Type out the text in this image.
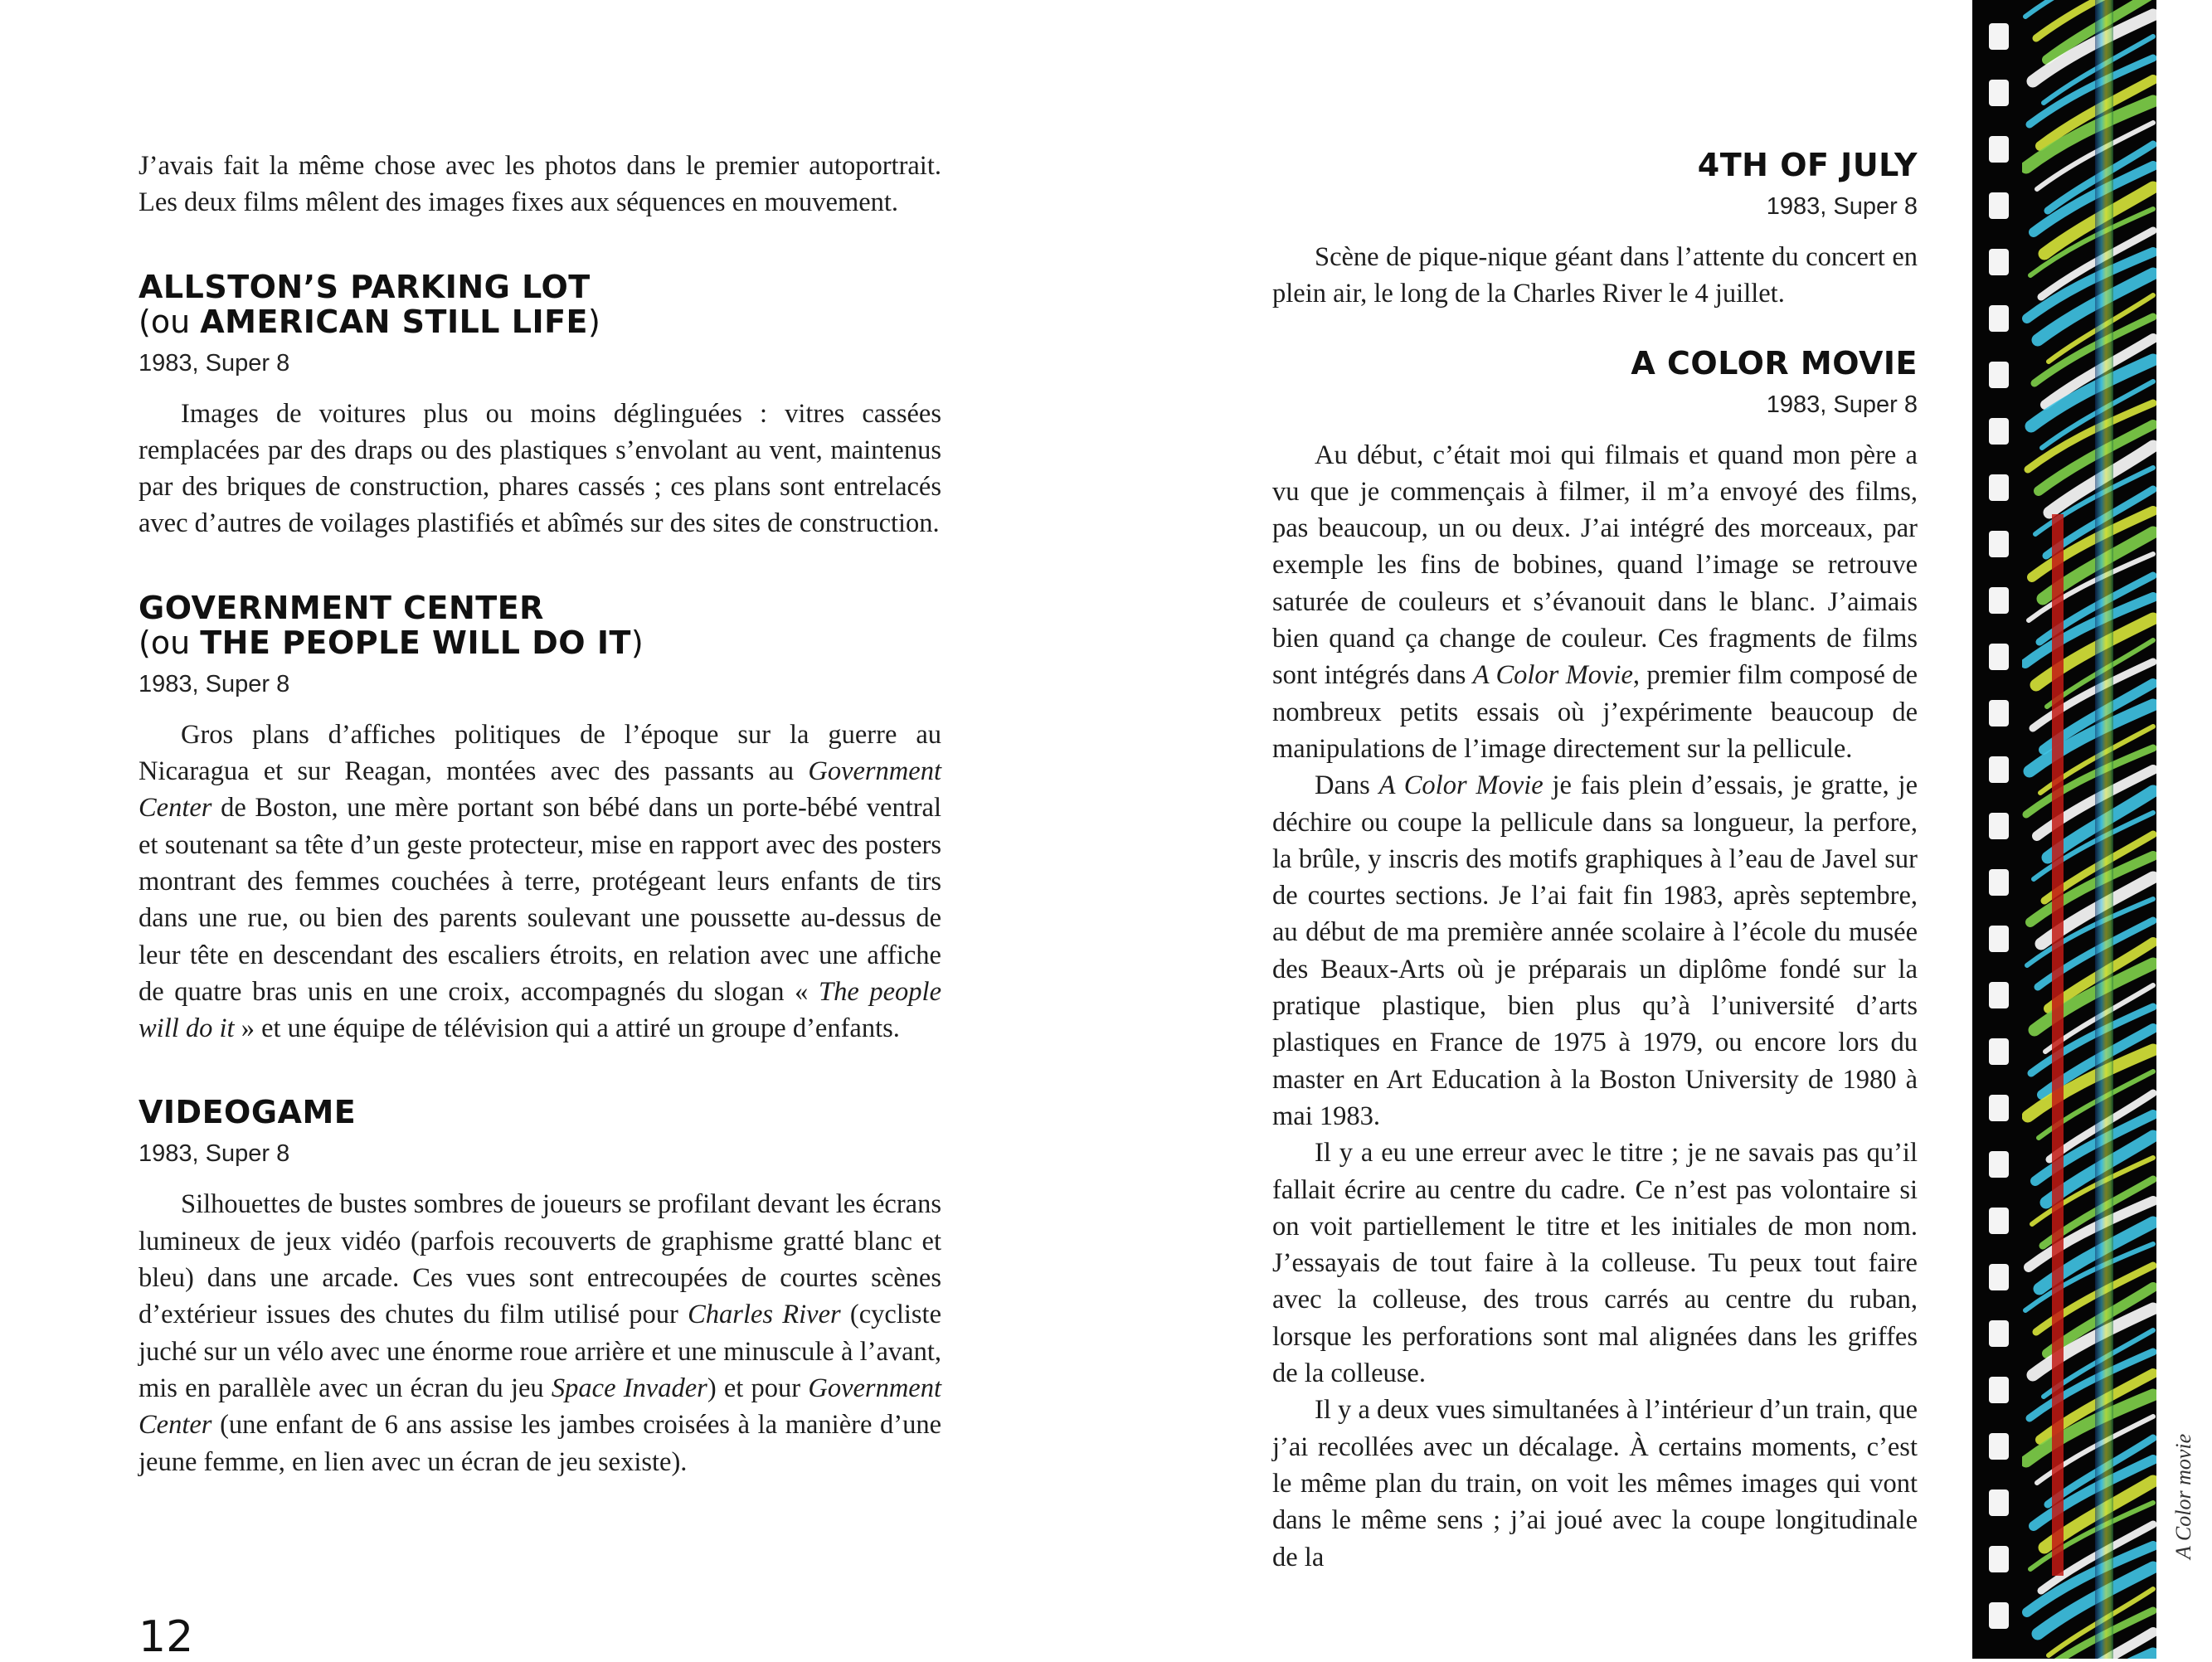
J’avais fait la même chose avec les photos dans le premier autoportrait. Les deux films mêlent des images fixes aux séquences en mouvement.

ALLSTON’S PARKING LOT

(ou AMERICAN STILL LIFE)

1983, Super 8

Images de voitures plus ou moins déglinguées : vitres cassées remplacées par des draps ou des plastiques s’envolant au vent, maintenus par des briques de construction, phares cassés ; ces plans sont entrelacés avec d’autres de voilages plastifiés et abîmés sur des sites de construction.

GOVERNMENT CENTER

(ou THE PEOPLE WILL DO IT)

1983, Super 8

Gros plans d’affiches politiques de l’époque sur la guerre au Nicaragua et sur Reagan, montées avec des passants au Government Center de Boston, une mère portant son bébé dans un porte-bébé ventral et soutenant sa tête d’un geste protecteur, mise en rapport avec des posters montrant des femmes couchées à terre, protégeant leurs enfants de tirs dans une rue, ou bien des parents soulevant une poussette au-dessus de leur tête en descendant des escaliers étroits, en relation avec une affiche de quatre bras unis en une croix, accompagnés du slogan « The people will do it » et une équipe de télévision qui a attiré un groupe d’enfants.

VIDEOGAME

1983, Super 8

Silhouettes de bustes sombres de joueurs se profilant devant les écrans lumineux de jeux vidéo (parfois recouverts de graphisme gratté blanc et bleu) dans une arcade. Ces vues sont entrecoupées de courtes scènes d’extérieur issues des chutes du film utilisé pour Charles River (cycliste juché sur un vélo avec une énorme roue arrière et une minuscule à l’avant, mis en parallèle avec un écran du jeu Space Invader) et pour Government Center (une enfant de 6 ans assise les jambes croisées à la manière d’une jeune femme, en lien avec un écran de jeu sexiste).

12
4TH OF JULY

1983, Super 8

Scène de pique-nique géant dans l’attente du concert en plein air, le long de la Charles River le 4 juillet.

A COLOR MOVIE

1983, Super 8

Au début, c’était moi qui filmais et quand mon père a vu que je commençais à filmer, il m’a envoyé des films, pas beaucoup, un ou deux. J’ai intégré des morceaux, par exemple les fins de bobines, quand l’image se retrouve saturée de couleurs et s’évanouit dans le blanc. J’aimais bien quand ça change de couleur. Ces fragments de films sont intégrés dans A Color Movie, premier film composé de nombreux petits essais où j’expérimente beaucoup de manipulations de l’image directement sur la pellicule.

Dans A Color Movie je fais plein d’essais, je gratte, je déchire ou coupe la pellicule dans sa longueur, la perfore, la brûle, y inscris des motifs graphiques à l’eau de Javel sur de courtes sections. Je l’ai fait fin 1983, après septembre, au début de ma première année scolaire à l’école du musée des Beaux-Arts où je préparais un diplôme fondé sur la pratique plastique, bien plus qu’à l’université d’arts plastiques en France de 1975 à 1979, ou encore lors du master en Art Education à la Boston University de 1980 à mai 1983.

Il y a eu une erreur avec le titre ; je ne savais pas qu’il fallait écrire au centre du cadre. Ce n’est pas volontaire si on voit partiellement le titre et les initiales de mon nom. J’essayais de tout faire à la colleuse. Tu peux tout faire avec la colleuse, des trous carrés au centre du ruban, lorsque les perforations sont mal alignées dans les griffes de la colleuse.

Il y a deux vues simultanées à l’intérieur d’un train, que j’ai recollées avec un décalage. À certains moments, c’est le même plan du train, on voit les mêmes images qui vont dans le même sens ; j’ai joué avec la coupe longitudinale de la	A Color movie
